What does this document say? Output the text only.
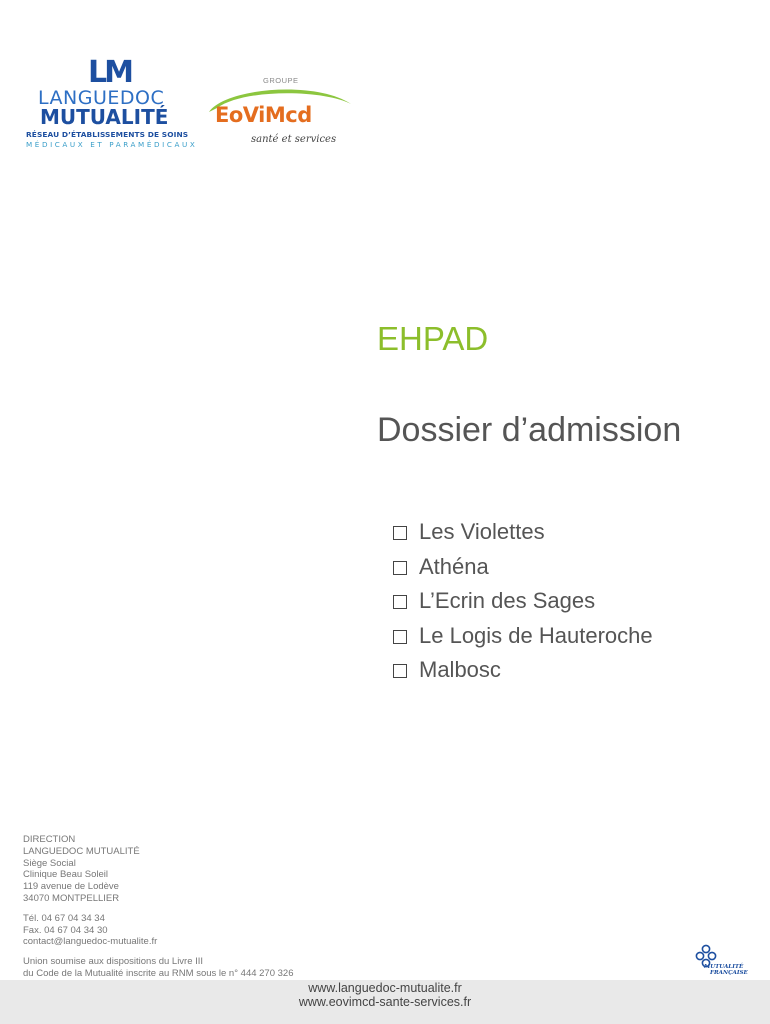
LM
LANGUEDOC
MUTUALITÉ
RÉSEAU D’ÉTABLISSEMENTS DE SOINS
MÉDICAUX ET PARAMÉDICAUX
GROUPE
EoViMcd
santé et services
EHPAD
Dossier d’admission
Les Violettes
Athéna
L’Ecrin des Sages
Le Logis de Hauteroche
Malbosc
DIRECTION
LANGUEDOC MUTUALITÉ
Siège Social
Clinique Beau Soleil
119 avenue de Lodève
34070 MONTPELLIER
Tél. 04 67 04 34 34
Fax. 04 67 04 34 30
contact@languedoc-mutualite.fr
Union soumise aux dispositions du Livre III
du Code de la Mutualité inscrite au RNM sous le n° 444 270 326
MUTUALITÉ
FRANÇAISE
www.languedoc-mutualite.fr
www.eovimcd-sante-services.fr
